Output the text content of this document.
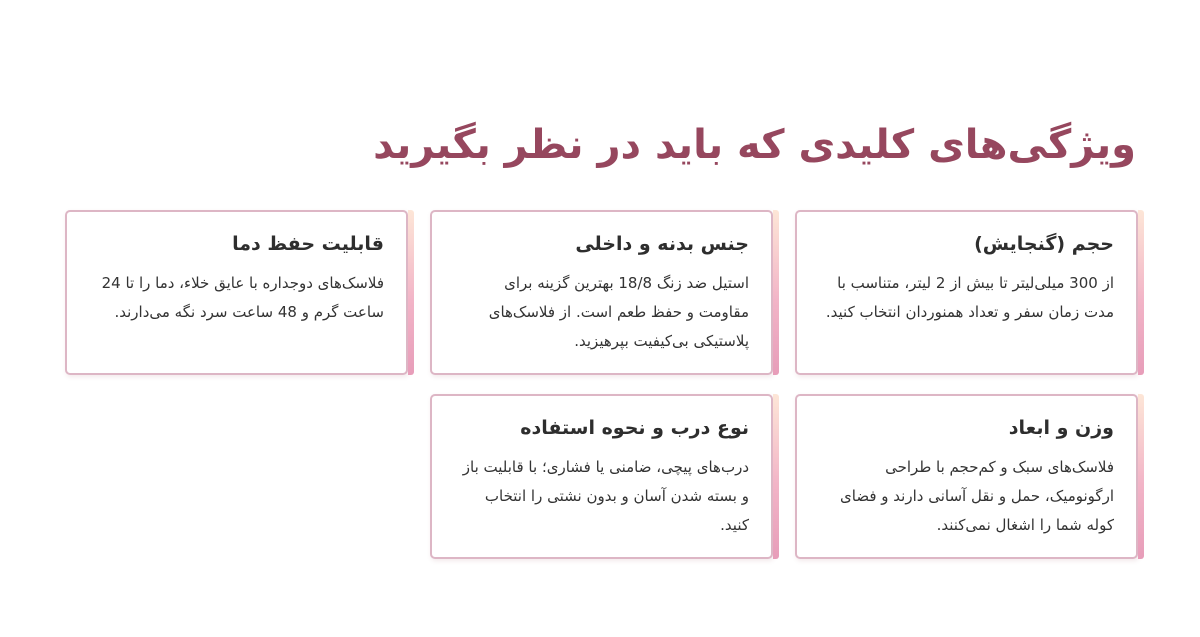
ویژگی‌های کلیدی که باید در نظر بگیرید
حجم (گنجایش)

از 300 میلی‌لیتر تا بیش از 2 لیتر، متناسب با مدت زمان سفر و تعداد همنوردان انتخاب کنید.

جنس بدنه و داخلی

استیل ضد زنگ 18/8 بهترین گزینه برای مقاومت و حفظ طعم است. از فلاسک‌های پلاستیکی بی‌کیفیت بپرهیزید.

قابلیت حفظ دما

فلاسک‌های دوجداره با عایق خلاء، دما را تا 24 ساعت گرم و 48 ساعت سرد نگه می‌دارند.

وزن و ابعاد

فلاسک‌های سبک و کم‌حجم با طراحی ارگونومیک، حمل و نقل آسانی دارند و فضای کوله شما را اشغال نمی‌کنند.

نوع درب و نحوه استفاده

درب‌های پیچی، ضامنی یا فشاری؛ با قابلیت باز و بسته شدن آسان و بدون نشتی را انتخاب کنید.
